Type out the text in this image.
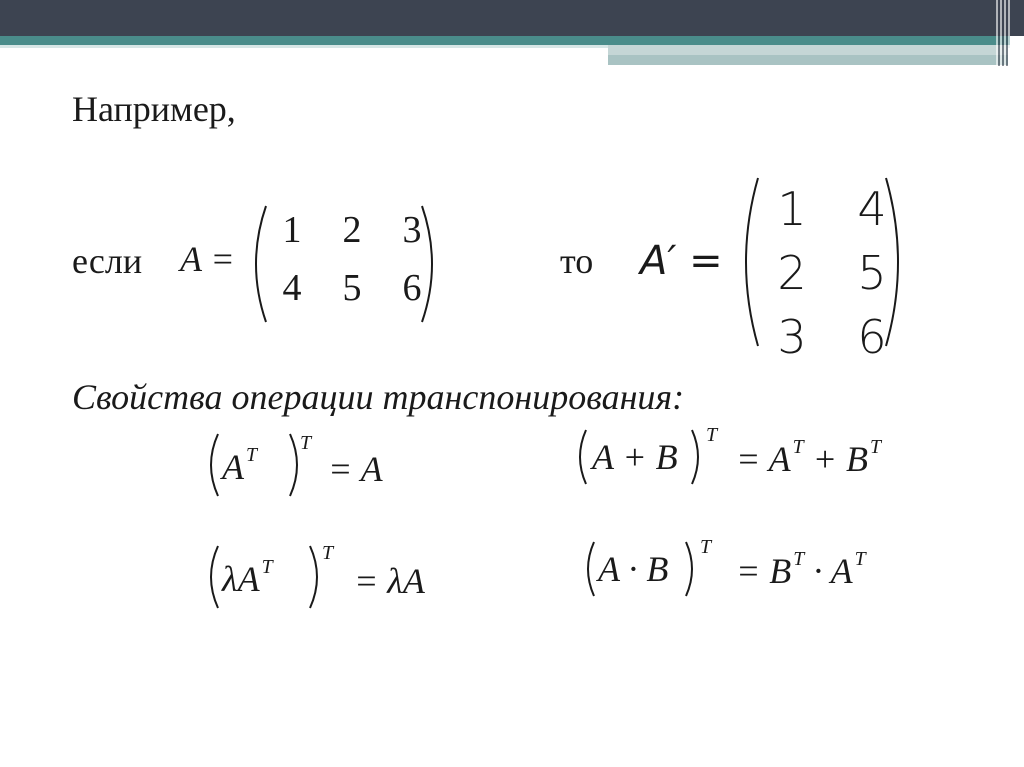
Например,
если A =
1	2	3
4	5	6
то A′ =
1	4
2	5
3	6
Свойства операции транспонирования:
A $^T$
T
= A	A + B
T
= A $^T$ + B $^T$
λA $^T$
T
= λA	A · B
T
= B $^T$ · A $^T$
